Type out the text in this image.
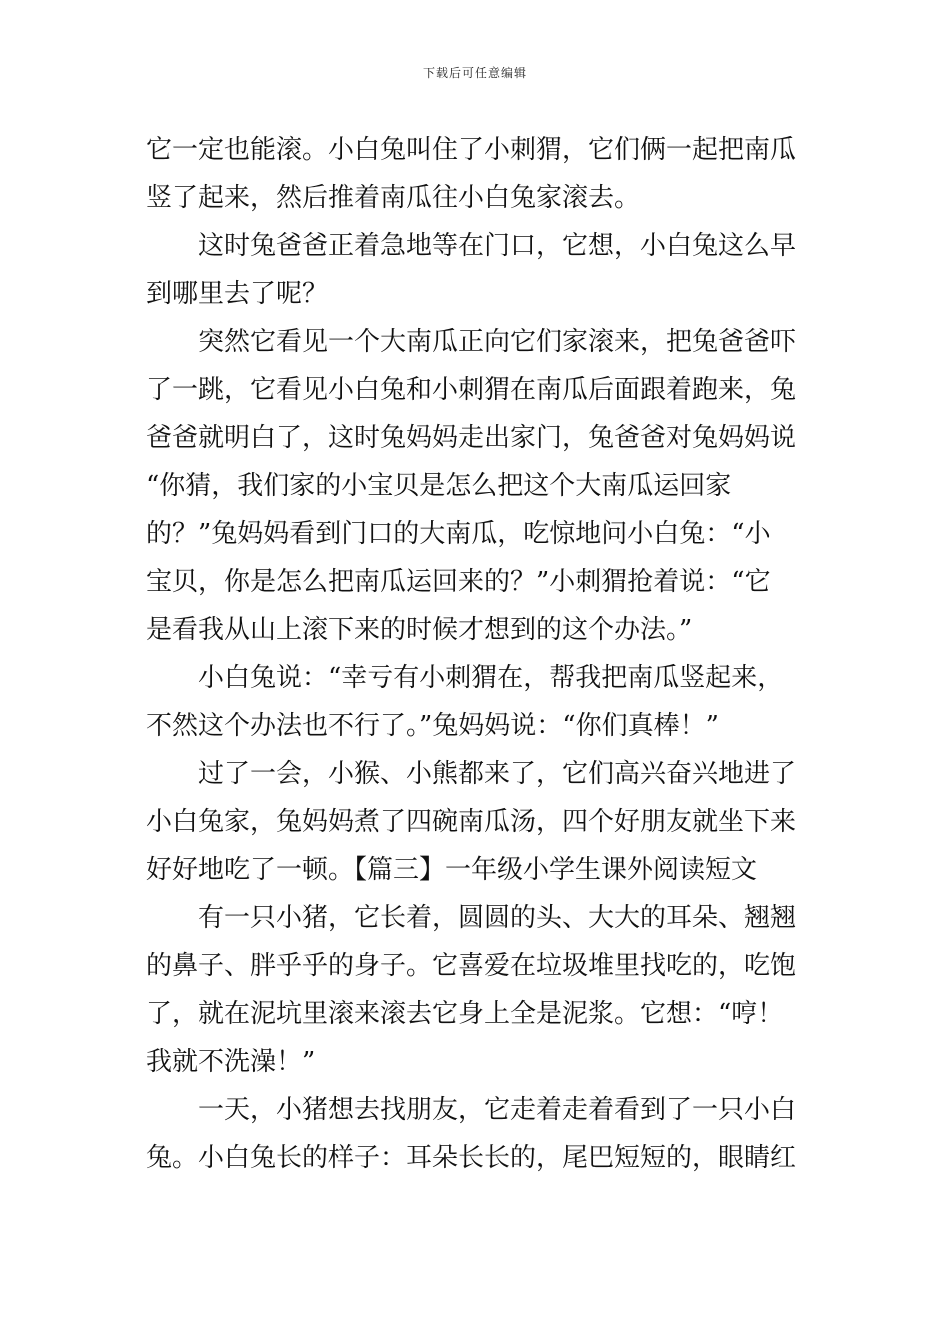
下载后可任意编辑

它一定也能滚。小白兔叫住了小刺猬，它们俩一起把南瓜

竖了起来，然后推着南瓜往小白兔家滚去。

这时兔爸爸正着急地等在门口，它想，小白兔这么早

到哪里去了呢？

突然它看见一个大南瓜正向它们家滚来，把兔爸爸吓

了一跳，它看见小白兔和小刺猬在南瓜后面跟着跑来，兔

爸爸就明白了，这时兔妈妈走出家门，兔爸爸对兔妈妈说

“你猜，我们家的小宝贝是怎么把这个大南瓜运回家

的？”兔妈妈看到门口的大南瓜，吃惊地问小白兔：“小

宝贝，你是怎么把南瓜运回来的？”小刺猬抢着说：“它

是看我从山上滚下来的时候才想到的这个办法。”

小白兔说：“幸亏有小刺猬在，帮我把南瓜竖起来，

不然这个办法也不行了。”兔妈妈说：“你们真棒！”

过了一会，小猴、小熊都来了，它们高兴奋兴地进了

小白兔家，兔妈妈煮了四碗南瓜汤，四个好朋友就坐下来

好好地吃了一顿。【篇三】一年级小学生课外阅读短文

有一只小猪，它长着，圆圆的头、大大的耳朵、翘翘

的鼻子、胖乎乎的身子。它喜爱在垃圾堆里找吃的，吃饱

了，就在泥坑里滚来滚去它身上全是泥浆。它想：“哼！

我就不洗澡！”

一天，小猪想去找朋友，它走着走着看到了一只小白

兔。小白兔长的样子：耳朵长长的，尾巴短短的，眼睛红
